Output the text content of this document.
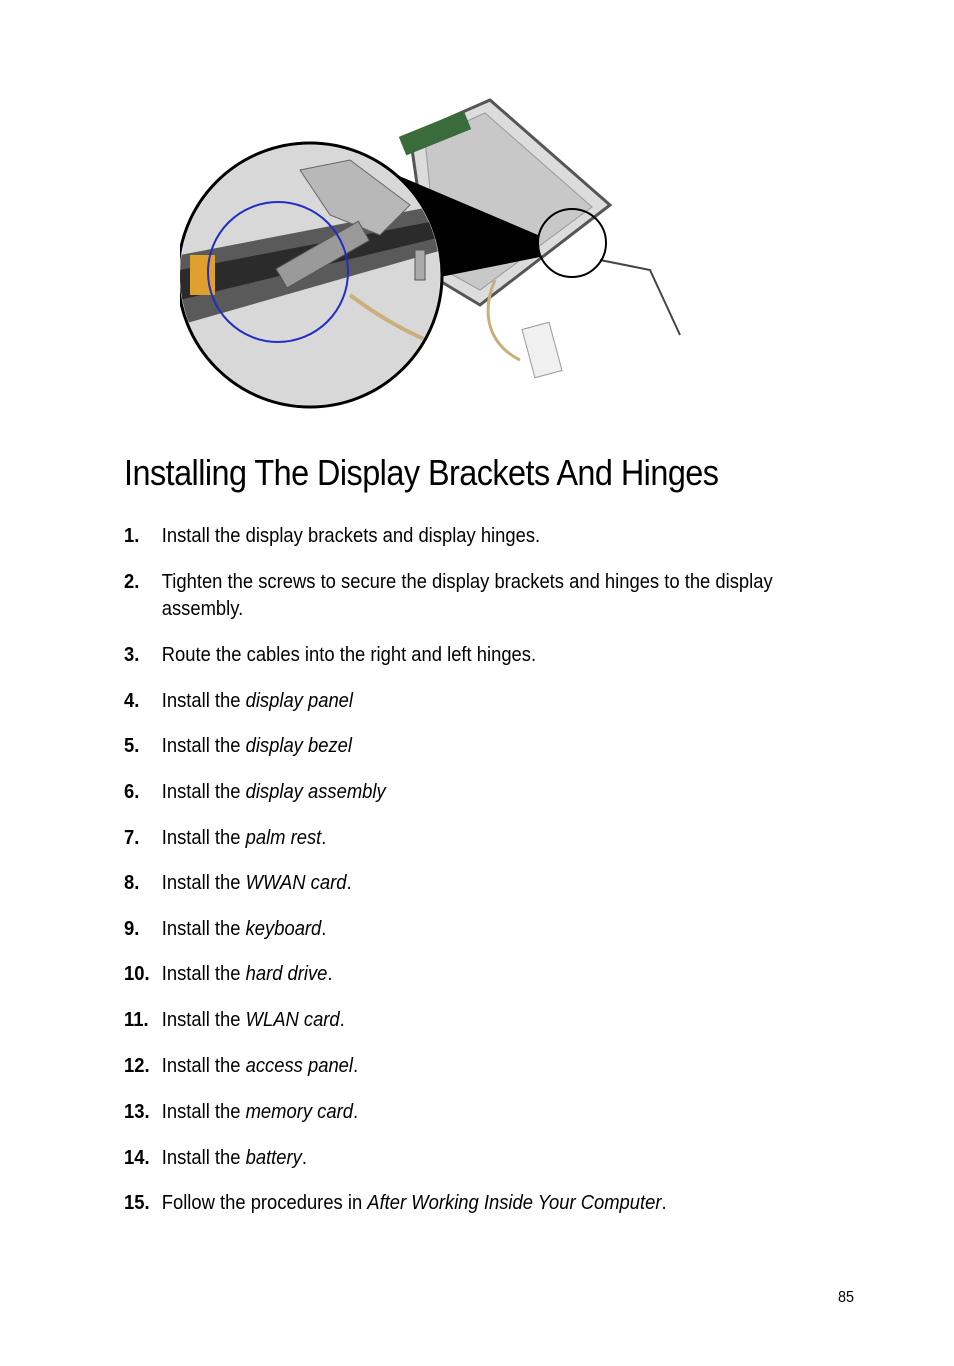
Installing The Display Brackets And Hinges
1.	Install the display brackets and display hinges.
2.	Tighten the screws to secure the display brackets and hinges to the display
assembly.
3.	Route the cables into the right and left hinges.
4.	Install the display panel
5.	Install the display bezel
6.	Install the display assembly
7.	Install the palm rest.
8.	Install the WWAN card.
9.	Install the keyboard.
10. Install the hard drive.
11. Install the WLAN card.
12. Install the access panel.
13. Install the memory card.
14. Install the battery.
15. Follow the procedures in After Working Inside Your Computer.
85
